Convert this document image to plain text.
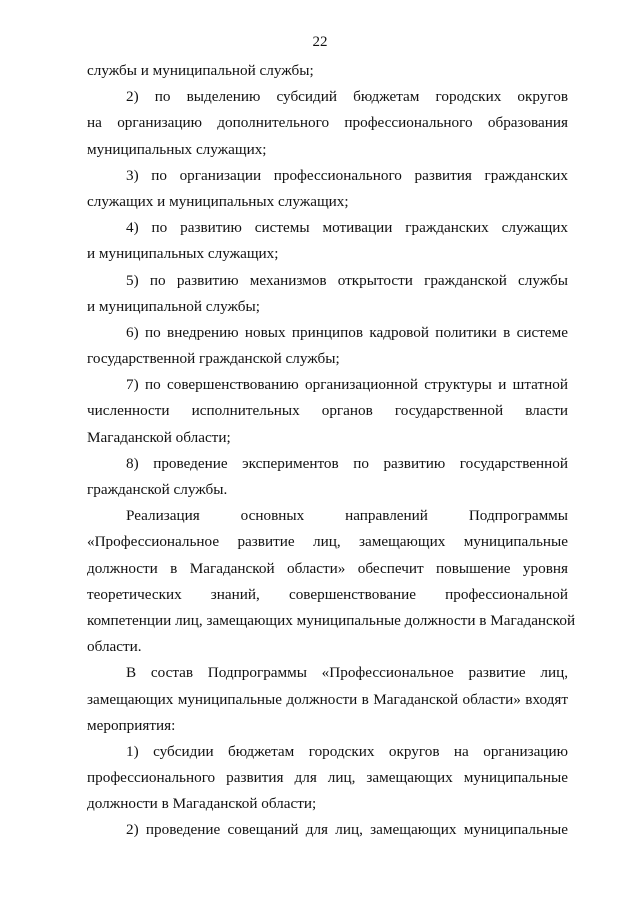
22
службы и муниципальной службы;
2) по выделению субсидий бюджетам городских округов
на организацию дополнительного профессионального образования
муниципальных служащих;
3) по организации профессионального развития гражданских
служащих и муниципальных служащих;
4) по развитию системы мотивации гражданских служащих
и муниципальных служащих;
5) по развитию механизмов открытости гражданской службы
и муниципальной службы;
6) по внедрению новых принципов кадровой политики в системе
государственной гражданской службы;
7) по совершенствованию организационной структуры и штатной
численности исполнительных органов государственной власти
Магаданской области;
8) проведение экспериментов по развитию государственной
гражданской службы.
Реализация основных направлений Подпрограммы
«Профессиональное развитие лиц, замещающих муниципальные
должности в Магаданской области» обеспечит повышение уровня
теоретических знаний, совершенствование профессиональной
компетенции лиц, замещающих муниципальные должности в Магаданской
области.
В состав Подпрограммы «Профессиональное развитие лиц,
замещающих муниципальные должности в Магаданской области» входят
мероприятия:
1) субсидии бюджетам городских округов на организацию
профессионального развития для лиц, замещающих муниципальные
должности в Магаданской области;
2) проведение совещаний для лиц, замещающих муниципальные
